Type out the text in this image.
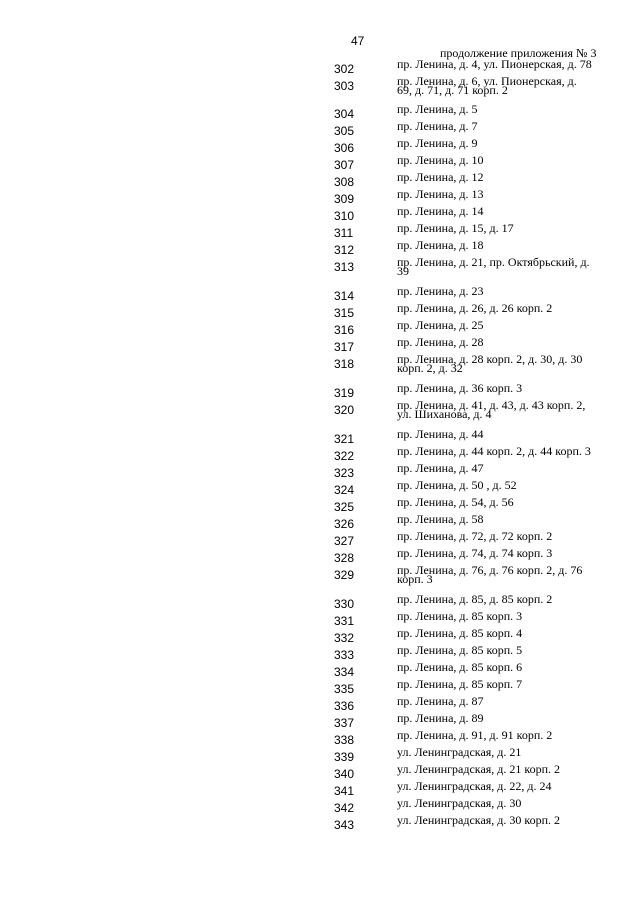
47
продолжение приложения № 3
302	пр. Ленина, д. 4, ул. Пионерская, д. 78
303	пр. Ленина, д. 6, ул. Пионерская, д.
69, д. 71, д. 71 корп. 2
304	пр. Ленина, д. 5
305	пр. Ленина, д. 7
306	пр. Ленина, д. 9
307	пр. Ленина, д. 10
308	пр. Ленина, д. 12
309	пр. Ленина, д. 13
310	пр. Ленина, д. 14
311	пр. Ленина, д. 15, д. 17
312	пр. Ленина, д. 18
313	пр. Ленина, д. 21, пр. Октябрьский, д.
39
314	пр. Ленина, д. 23
315	пр. Ленина, д. 26, д. 26 корп. 2
316	пр. Ленина, д. 25
317	пр. Ленина, д. 28
318	пр. Ленина, д. 28 корп. 2, д. 30, д. 30
корп. 2, д. 32
319	пр. Ленина, д. 36 корп. 3
320	пр. Ленина, д. 41, д. 43, д. 43 корп. 2,
ул. Шиханова, д. 4
321	пр. Ленина, д. 44
322	пр. Ленина, д. 44 корп. 2, д. 44 корп. 3
323	пр. Ленина, д. 47
324	пр. Ленина, д. 50 , д. 52
325	пр. Ленина, д. 54, д. 56
326	пр. Ленина, д. 58
327	пр. Ленина, д. 72, д. 72 корп. 2
328	пр. Ленина, д. 74, д. 74 корп. 3
329	пр. Ленина, д. 76, д. 76 корп. 2, д. 76
корп. 3
330	пр. Ленина, д. 85, д. 85 корп. 2
331	пр. Ленина, д. 85 корп. 3
332	пр. Ленина, д. 85 корп. 4
333	пр. Ленина, д. 85 корп. 5
334	пр. Ленина, д. 85 корп. 6
335	пр. Ленина, д. 85 корп. 7
336	пр. Ленина, д. 87
337	пр. Ленина, д. 89
338	пр. Ленина, д. 91, д. 91 корп. 2
339	ул. Ленинградская, д. 21
340	ул. Ленинградская, д. 21 корп. 2
341	ул. Ленинградская, д. 22, д. 24
342	ул. Ленинградская, д. 30
343	ул. Ленинградская, д. 30 корп. 2
